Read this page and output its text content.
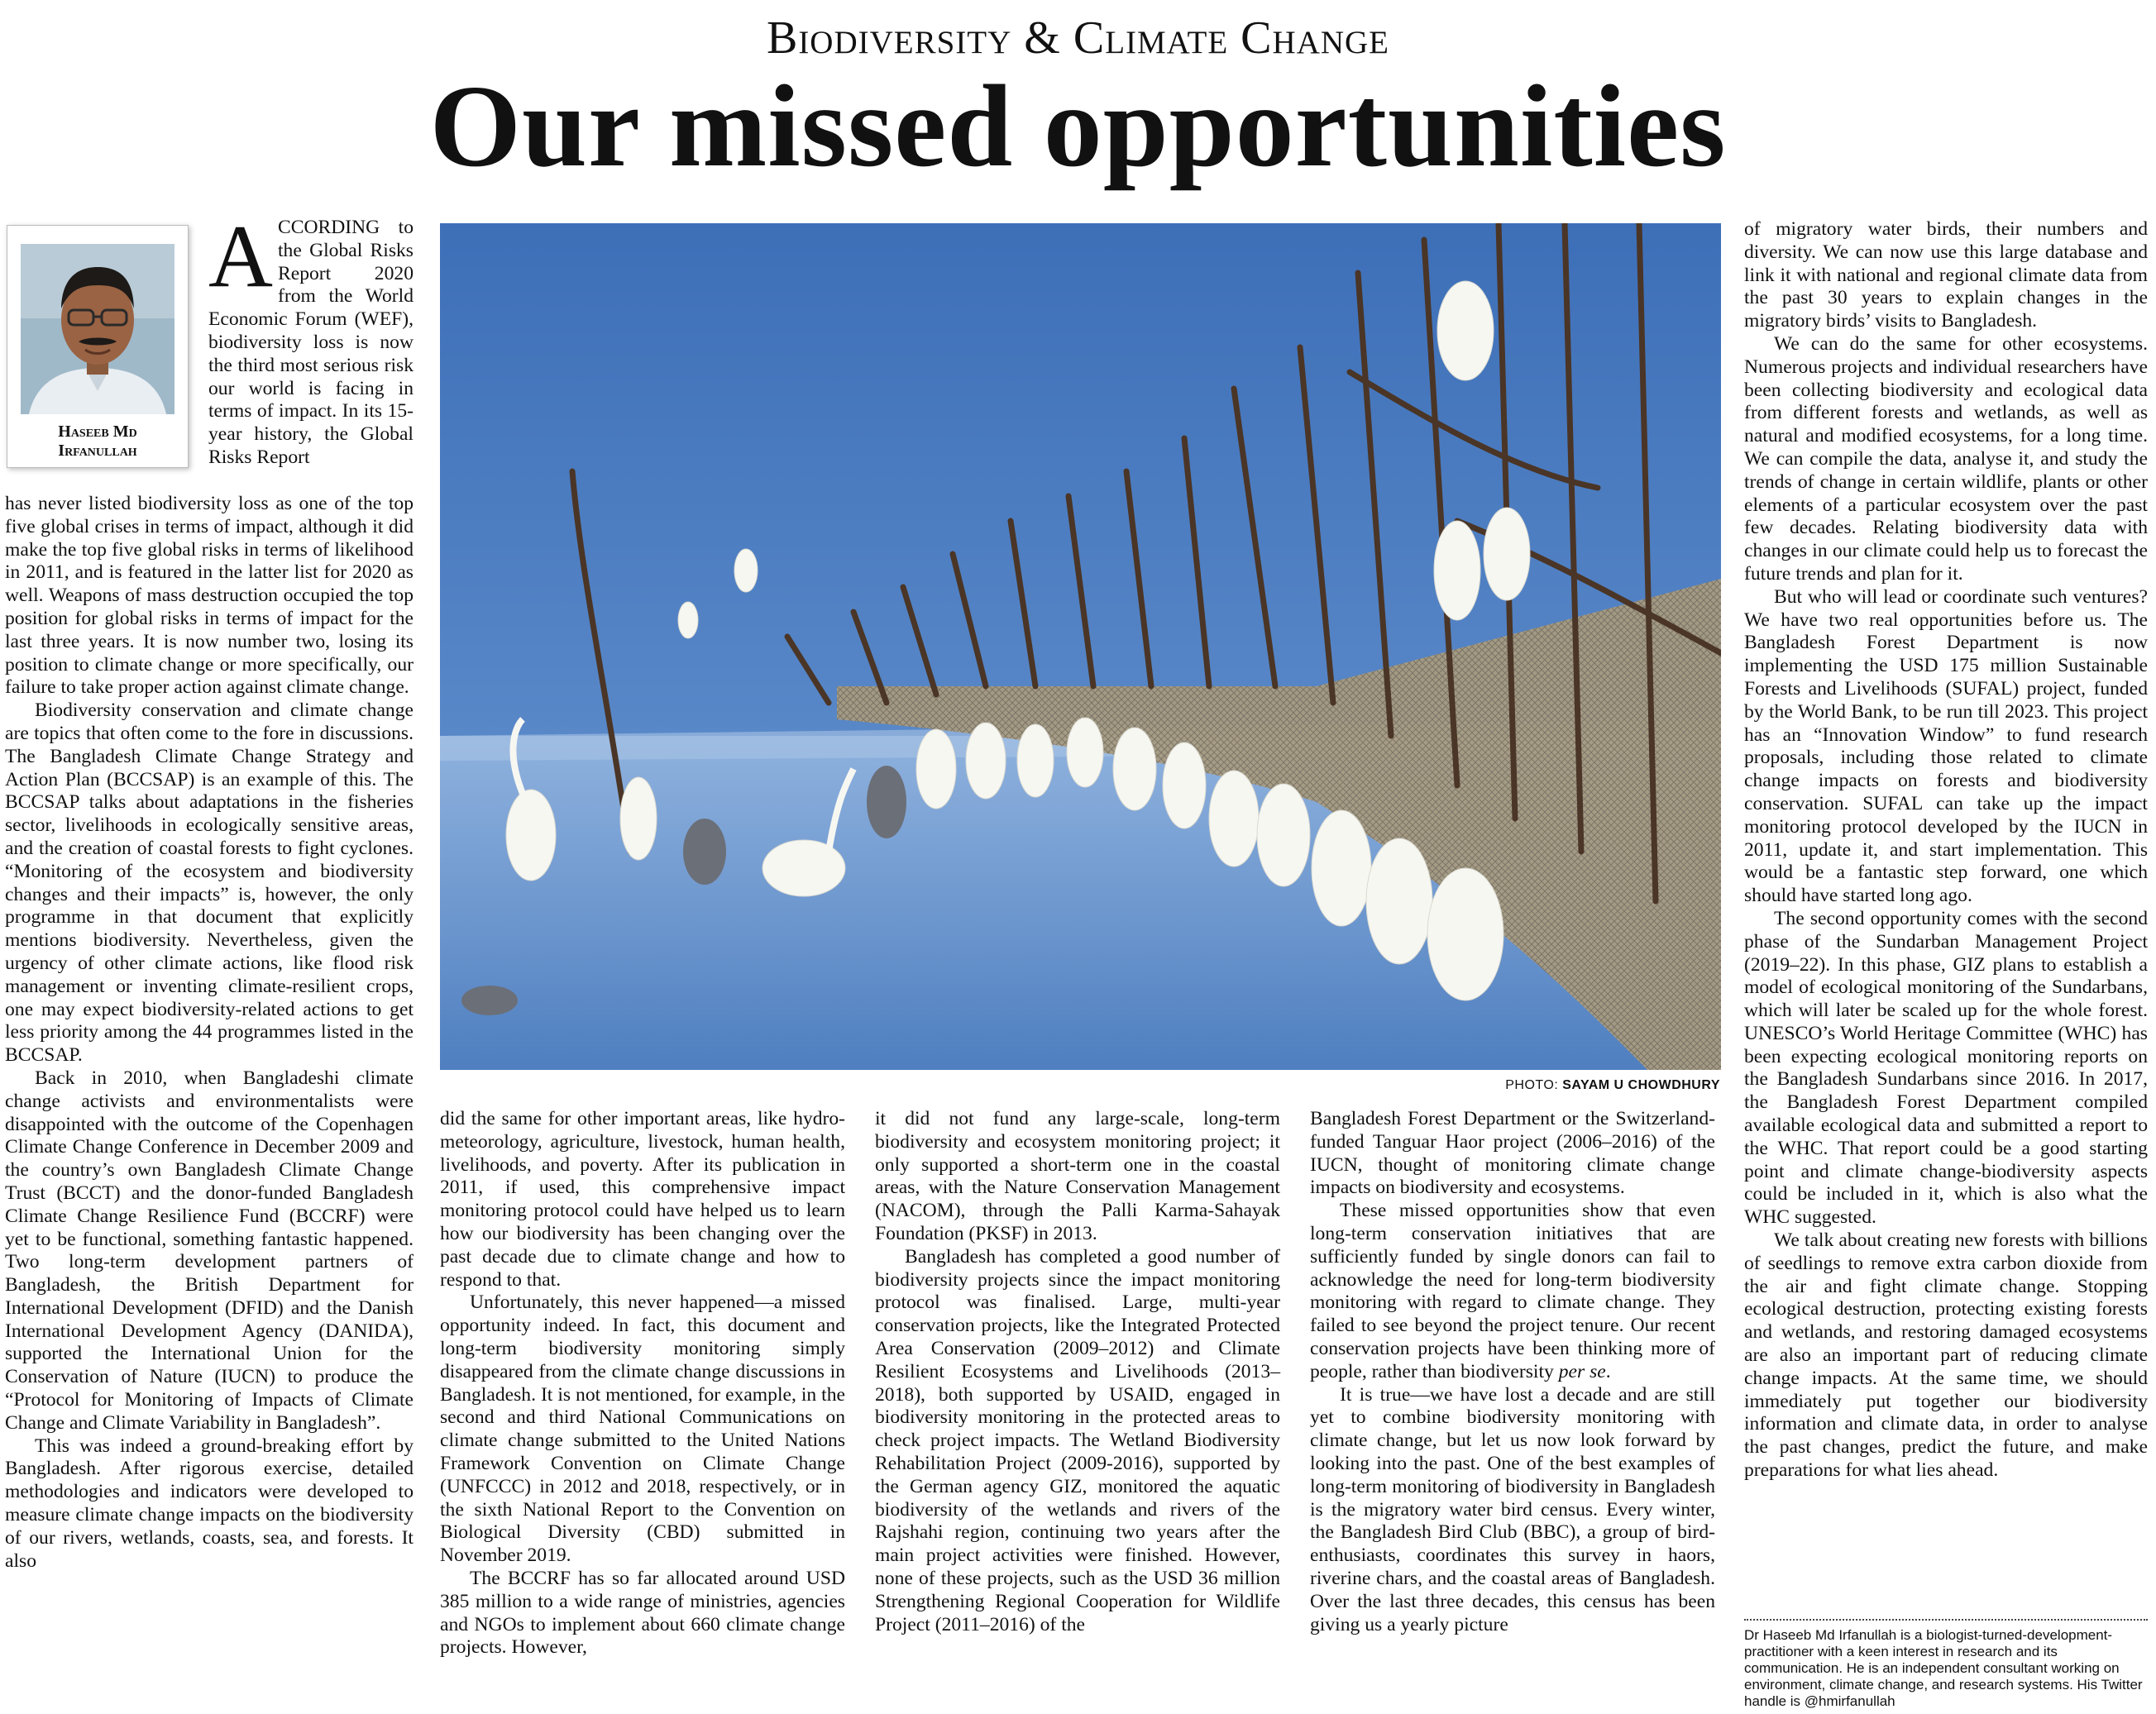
Biodiversity & Climate Change
Our missed opportunities
Haseeb Md
Irfanullah

ACCORDING to the Global Risks Report 2020 from the World Economic Forum (WEF), biodiversity loss is now the third most serious risk our world is facing in terms of impact. In its 15-year history, the Global Risks Report

has never listed biodiversity loss as one of the top five global crises in terms of impact, although it did make the top five global risks in terms of likelihood in 2011, and is featured in the latter list for 2020 as well. Weapons of mass destruction occupied the top position for global risks in terms of impact for the last three years. It is now number two, losing its position to climate change or more specifically, our failure to take proper action against climate change.

Biodiversity conservation and climate change are topics that often come to the fore in discussions. The Bangladesh Climate Change Strategy and Action Plan (BCCSAP) is an example of this. The BCCSAP talks about adaptations in the fisheries sector, livelihoods in ecologically sensitive areas, and the creation of coastal forests to fight cyclones. “Monitoring of the ecosystem and biodiversity changes and their impacts” is, however, the only programme in that document that explicitly mentions biodiversity. Nevertheless, given the urgency of other climate actions, like flood risk management or inventing climate-resilient crops, one may expect biodiversity-related actions to get less priority among the 44 programmes listed in the BCCSAP.

Back in 2010, when Bangladeshi climate change activists and environmentalists were disappointed with the outcome of the Copenhagen Climate Change Conference in December 2009 and the country’s own Bangladesh Climate Change Trust (BCCT) and the donor-funded Bangladesh Climate Change Resilience Fund (BCCRF) were yet to be functional, something fantastic happened. Two long-term development partners of Bangladesh, the British Department for International Development (DFID) and the Danish International Development Agency (DANIDA), supported the International Union for the Conservation of Nature (IUCN) to produce the “Protocol for Monitoring of Impacts of Climate Change and Climate Variability in Bangladesh”.

This was indeed a ground-breaking effort by Bangladesh. After rigorous exercise, detailed methodologies and indicators were developed to measure climate change impacts on the biodiversity of our rivers, wetlands, coasts, sea, and forests. It also

PHOTO: SAYAM U CHOWDHURY

did the same for other important areas, like hydro-meteorology, agriculture, livestock, human health, livelihoods, and poverty. After its publication in 2011, if used, this comprehensive impact monitoring protocol could have helped us to learn how our biodiversity has been changing over the past decade due to climate change and how to respond to that.

Unfortunately, this never happened—a missed opportunity indeed. In fact, this document and long-term biodiversity monitoring simply disappeared from the climate change discussions in Bangladesh. It is not mentioned, for example, in the second and third National Communications on climate change submitted to the United Nations Framework Convention on Climate Change (UNFCCC) in 2012 and 2018, respectively, or in the sixth National Report to the Convention on Biological Diversity (CBD) submitted in November 2019.

The BCCRF has so far allocated around USD 385 million to a wide range of ministries, agencies and NGOs to implement about 660 climate change projects. However,

it did not fund any large-scale, long-term biodiversity and ecosystem monitoring project; it only supported a short-term one in the coastal areas, with the Nature Conservation Management (NACOM), through the Palli Karma-Sahayak Foundation (PKSF) in 2013.

Bangladesh has completed a good number of biodiversity projects since the impact monitoring protocol was finalised. Large, multi-year conservation projects, like the Integrated Protected Area Conservation (2009–2012) and Climate Resilient Ecosystems and Livelihoods (2013–2018), both supported by USAID, engaged in biodiversity monitoring in the protected areas to check project impacts. The Wetland Biodiversity Rehabilitation Project (2009-2016), supported by the German agency GIZ, monitored the aquatic biodiversity of the wetlands and rivers of the Rajshahi region, continuing two years after the main project activities were finished. However, none of these projects, such as the USD 36 million Strengthening Regional Cooperation for Wildlife Project (2011–2016) of the

Bangladesh Forest Department or the Switzerland-funded Tanguar Haor project (2006–2016) of the IUCN, thought of monitoring climate change impacts on biodiversity and ecosystems.

These missed opportunities show that even long-term conservation initiatives that are sufficiently funded by single donors can fail to acknowledge the need for long-term biodiversity monitoring with regard to climate change. They failed to see beyond the project tenure. Our recent conservation projects have been thinking more of people, rather than biodiversity per se.

It is true—we have lost a decade and are still yet to combine biodiversity monitoring with climate change, but let us now look forward by looking into the past. One of the best examples of long-term monitoring of biodiversity in Bangladesh is the migratory water bird census. Every winter, the Bangladesh Bird Club (BBC), a group of bird-enthusiasts, coordinates this survey in haors, riverine chars, and the coastal areas of Bangladesh. Over the last three decades, this census has been giving us a yearly picture

of migratory water birds, their numbers and diversity. We can now use this large database and link it with national and regional climate data from the past 30 years to explain changes in the migratory birds’ visits to Bangladesh.

We can do the same for other ecosystems. Numerous projects and individual researchers have been collecting biodiversity and ecological data from different forests and wetlands, as well as natural and modified ecosystems, for a long time. We can compile the data, analyse it, and study the trends of change in certain wildlife, plants or other elements of a particular ecosystem over the past few decades. Relating biodiversity data with changes in our climate could help us to forecast the future trends and plan for it.

But who will lead or coordinate such ventures? We have two real opportunities before us. The Bangladesh Forest Department is now implementing the USD 175 million Sustainable Forests and Livelihoods (SUFAL) project, funded by the World Bank, to be run till 2023. This project has an “Innovation Window” to fund research proposals, including those related to climate change impacts on forests and biodiversity conservation. SUFAL can take up the impact monitoring protocol developed by the IUCN in 2011, update it, and start implementation. This would be a fantastic step forward, one which should have started long ago.

The second opportunity comes with the second phase of the Sundarban Management Project (2019–22). In this phase, GIZ plans to establish a model of ecological monitoring of the Sundarbans, which will later be scaled up for the whole forest. UNESCO’s World Heritage Committee (WHC) has been expecting ecological monitoring reports on the Bangladesh Sundarbans since 2016. In 2017, the Bangladesh Forest Department compiled available ecological data and submitted a report to the WHC. That report could be a good starting point and climate change-biodiversity aspects could be included in it, which is also what the WHC suggested.

We talk about creating new forests with billions of seedlings to remove extra carbon dioxide from the air and fight climate change. Stopping ecological destruction, protecting existing forests and wetlands, and restoring damaged ecosystems are also an important part of reducing climate change impacts. At the same time, we should immediately put together our biodiversity information and climate data, in order to analyse the past changes, predict the future, and make preparations for what lies ahead.

Dr Haseeb Md Irfanullah is a biologist-turned-development-practitioner with a keen interest in research and its communication. He is an independent consultant working on environment, climate change, and research systems. His Twitter handle is @hmirfanullah
